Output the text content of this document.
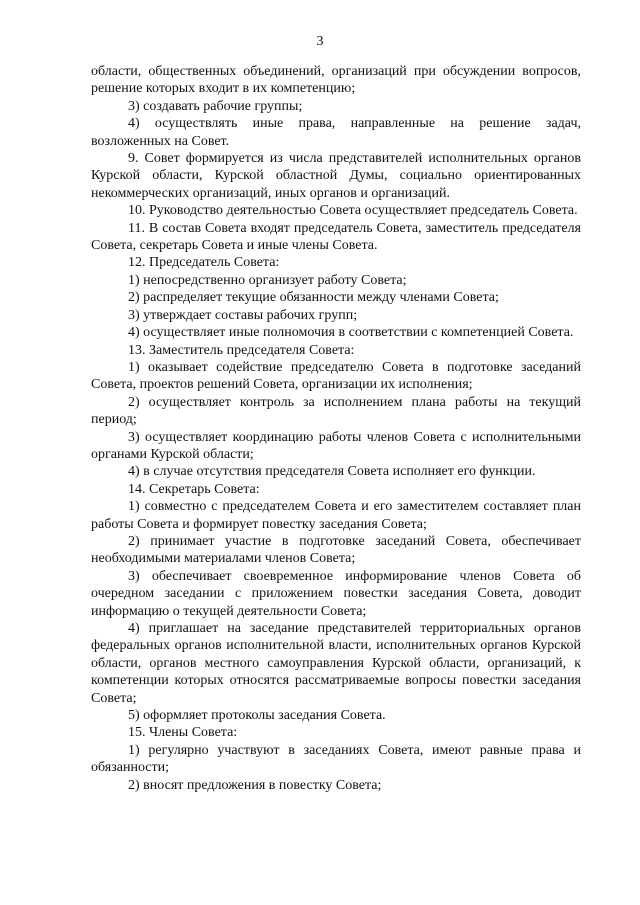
3

области, общественных объединений, организаций при обсуждении вопросов, решение которых входит в их компетенцию;

3) создавать рабочие группы;

4) осуществлять иные права, направленные на решение задач, возложенных на Совет.

9. Совет формируется из числа представителей исполнительных органов Курской области, Курской областной Думы, социально ориентированных некоммерческих организаций, иных органов и организаций.

10. Руководство деятельностью Совета осуществляет председатель Совета.

11. В состав Совета входят председатель Совета, заместитель председателя Совета, секретарь Совета и иные члены Совета.

12. Председатель Совета:

1) непосредственно организует работу Совета;

2) распределяет текущие обязанности между членами Совета;

3) утверждает составы рабочих групп;

4) осуществляет иные полномочия в соответствии с компетенцией Совета.

13. Заместитель председателя Совета:

1) оказывает содействие председателю Совета в подготовке заседаний Совета, проектов решений Совета, организации их исполнения;

2) осуществляет контроль за исполнением плана работы на текущий период;

3) осуществляет координацию работы членов Совета с исполнительными органами Курской области;

4) в случае отсутствия председателя Совета исполняет его функции.

14. Секретарь Совета:

1) совместно с председателем Совета и его заместителем составляет план работы Совета и формирует повестку заседания Совета;

2) принимает участие в подготовке заседаний Совета, обеспечивает необходимыми материалами членов Совета;

3) обеспечивает своевременное информирование членов Совета об очередном заседании с приложением повестки заседания Совета, доводит информацию о текущей деятельности Совета;

4) приглашает на заседание представителей территориальных органов федеральных органов исполнительной власти, исполнительных органов Курской области, органов местного самоуправления Курской области, организаций, к компетенции которых относятся рассматриваемые вопросы повестки заседания Совета;

5) оформляет протоколы заседания Совета.

15. Члены Совета:

1) регулярно участвуют в заседаниях Совета, имеют равные права и обязанности;

2) вносят предложения в повестку Совета;
